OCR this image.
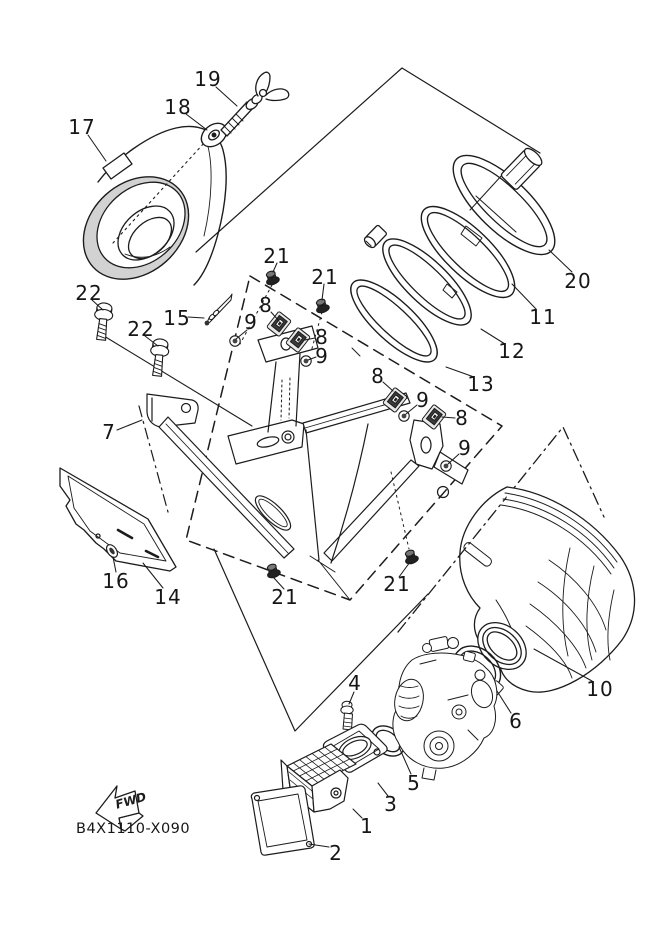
FWD
1
2
3
4
5
6
7
8
8
8
8
9
9
9
9
10
11
12
13
14
15
16
17
18
19
20
21
21
21
21
22
22
B4X1110-X090
